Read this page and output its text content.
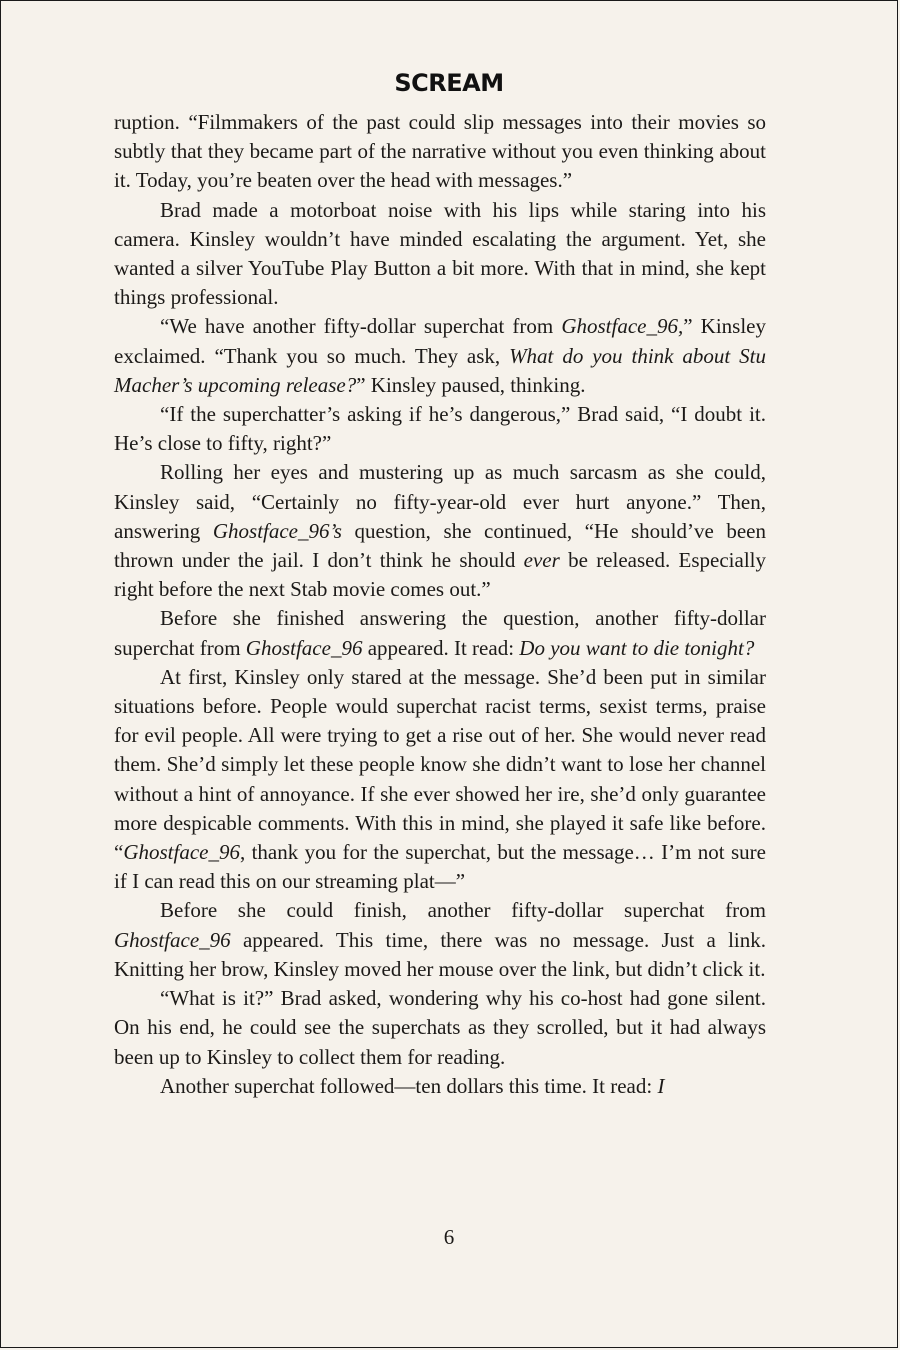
SCREAM

ruption. “Filmmakers of the past could slip messages into their movies so subtly that they became part of the narrative without you even thinking about it. Today, you’re beaten over the head with messages.”

Brad made a motorboat noise with his lips while staring into his camera. Kinsley wouldn’t have minded escalating the argument. Yet, she wanted a silver YouTube Play Button a bit more. With that in mind, she kept things professional.

“We have another fifty-dollar superchat from Ghostface_96,” Kinsley exclaimed. “Thank you so much. They ask, What do you think about Stu Macher’s upcoming release?” Kinsley paused, thinking.

“If the superchatter’s asking if he’s dangerous,” Brad said, “I doubt it. He’s close to fifty, right?”

Rolling her eyes and mustering up as much sarcasm as she could, Kinsley said, “Certainly no fifty-year-old ever hurt anyone.” Then, answering Ghostface_96’s question, she continued, “He should’ve been thrown under the jail. I don’t think he should ever be released. Especially right before the next Stab movie comes out.”

Before she finished answering the question, another fifty-dollar superchat from Ghostface_96 appeared. It read: Do you want to die tonight?

At first, Kinsley only stared at the message. She’d been put in similar situations before. People would superchat racist terms, sexist terms, praise for evil people. All were trying to get a rise out of her. She would never read them. She’d simply let these people know she didn’t want to lose her channel without a hint of annoyance. If she ever showed her ire, she’d only guarantee more despicable comments. With this in mind, she played it safe like before. “Ghostface_96, thank you for the superchat, but the message… I’m not sure if I can read this on our streaming plat—”

Before she could finish, another fifty-dollar superchat from Ghostface_96 appeared. This time, there was no message. Just a link. Knitting her brow, Kinsley moved her mouse over the link, but didn’t click it.

“What is it?” Brad asked, wondering why his co-host had gone silent. On his end, he could see the superchats as they scrolled, but it had always been up to Kinsley to collect them for reading.

Another superchat followed—ten dollars this time. It read: I

6
